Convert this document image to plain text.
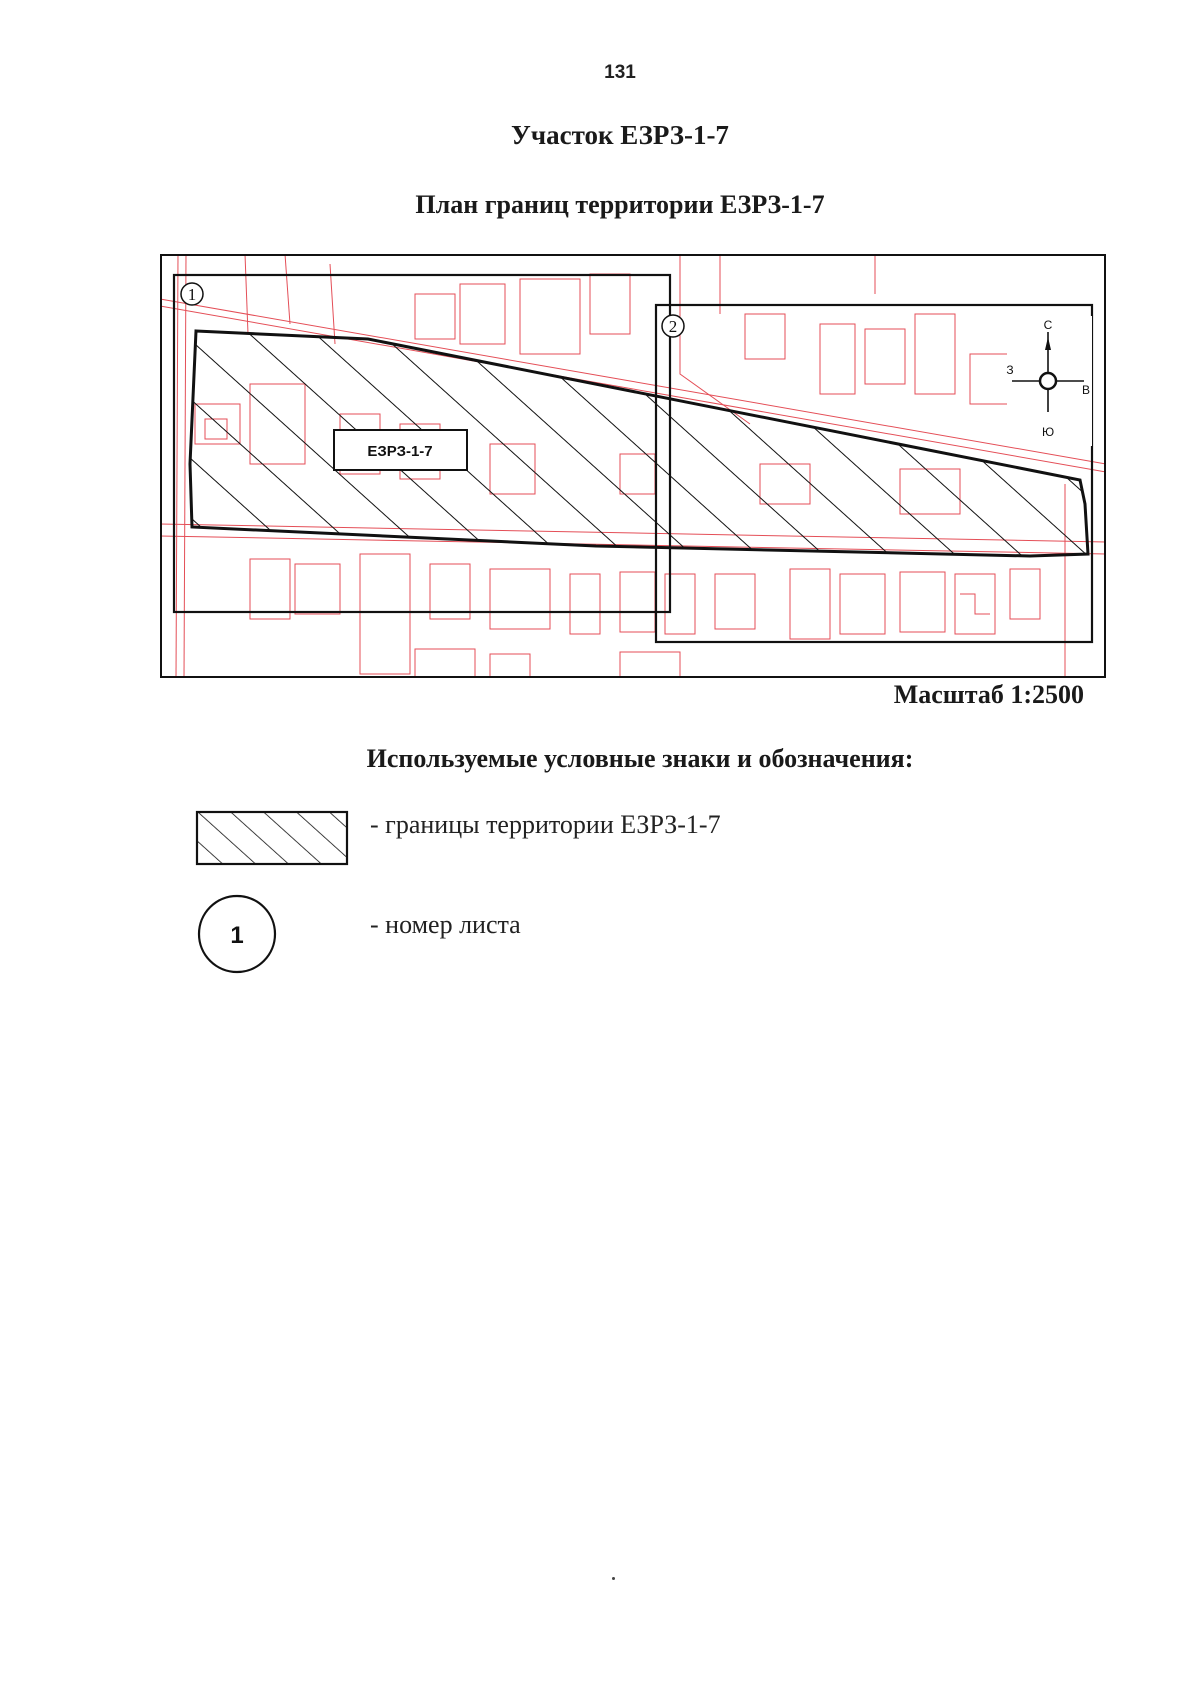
131
Участок ЕЗРЗ-1-7
План границ территории ЕЗРЗ-1-7
ЕЗРЗ-1-7
1
2	С
Ю
З
В
Масштаб 1:2500
Используемые условные знаки и обозначения:
- границы территории ЕЗРЗ-1-7
1	- номер листа
